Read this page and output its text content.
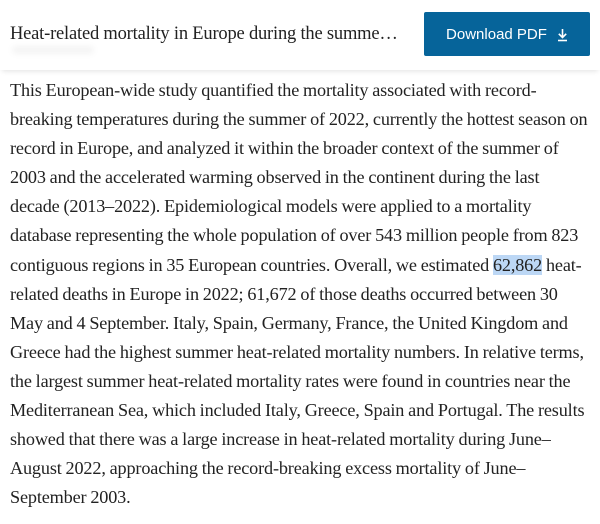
Heat-related mortality in Europe during the summe…	Download PDF

This European-wide study quantified the mortality associated with record-breaking temperatures during the summer of 2022, currently the hottest season on record in Europe, and analyzed it within the broader context of the summer of 2003 and the accelerated warming observed in the continent during the last decade (2013–2022). Epidemiological models were applied to a mortality database representing the whole population of over 543 million people from 823 contiguous regions in 35 European countries. Overall, we estimated 62,862 heat-related deaths in Europe in 2022; 61,672 of those deaths occurred between 30 May and 4 September. Italy, Spain, Germany, France, the United Kingdom and Greece had the highest summer heat-related mortality numbers. In relative terms, the largest summer heat-related mortality rates were found in countries near the Mediterranean Sea, which included Italy, Greece, Spain and Portugal. The results showed that there was a large increase in heat-related mortality during June–August 2022, approaching the record-breaking excess mortality of June–September 2003.
